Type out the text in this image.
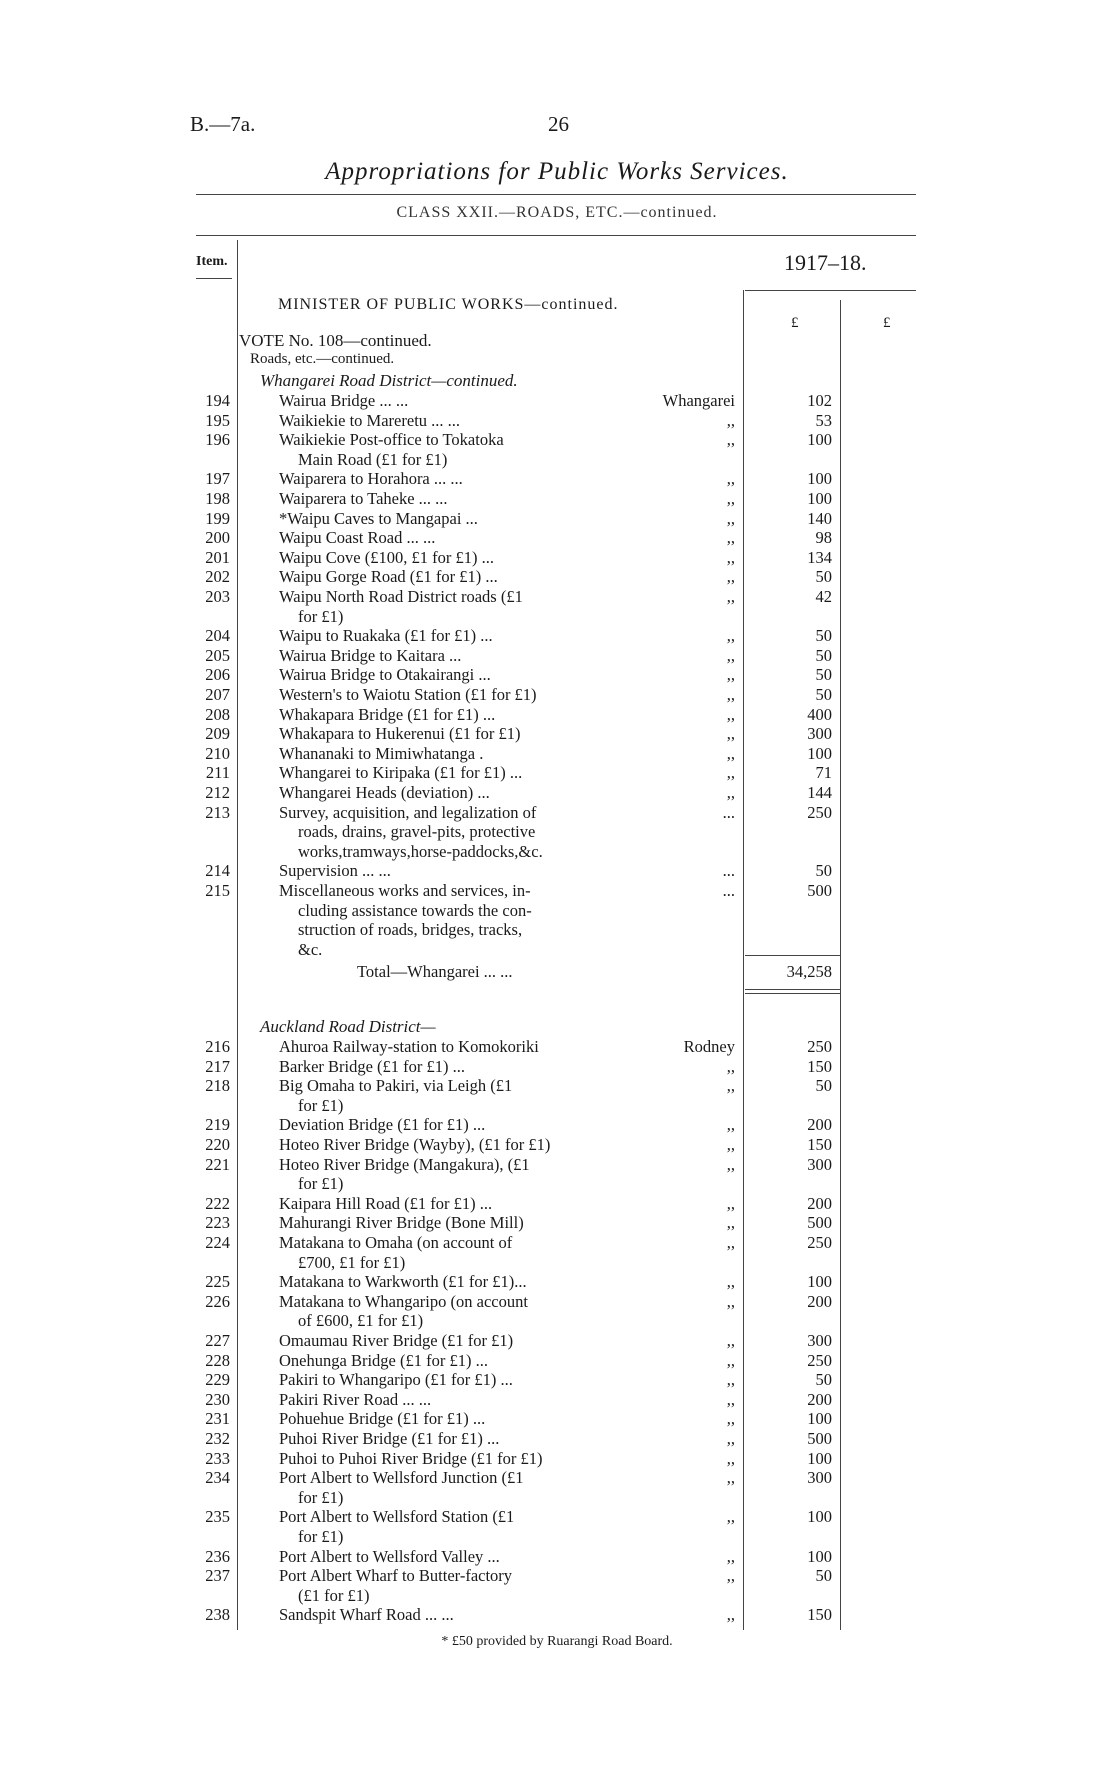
B.—7a.	26
Appropriations for Public Works Services.
CLASS XXII.—ROADS, ETC.—continued.
Item.	1917–18.
MINISTER OF PUBLIC WORKS—continued.
£	£
VOTE No. 108—continued.
Roads, etc.—continued.
Whangarei Road District—continued.
194	Wairua Bridge ... ...	Whangarei	102
195	Waikiekie to Mareretu ... ...	,,	53
196	Waikiekie Post-office to Tokatoka	,,	100
Main Road (£1 for £1)
197	Waiparera to Horahora ... ...	,,	100
198	Waiparera to Taheke ... ...	,,	100
199	*Waipu Caves to Mangapai ...	,,	140
200	Waipu Coast Road ... ...	,,	98
201	Waipu Cove (£100, £1 for £1) ...	,,	134
202	Waipu Gorge Road (£1 for £1) ...	,,	50
203	Waipu North Road District roads (£1	,,	42
for £1)
204	Waipu to Ruakaka (£1 for £1) ...	,,	50
205	Wairua Bridge to Kaitara ...	,,	50
206	Wairua Bridge to Otakairangi ...	,,	50
207	Western's to Waiotu Station (£1 for £1)	,,	50
208	Whakapara Bridge (£1 for £1) ...	,,	400
209	Whakapara to Hukerenui (£1 for £1)	,,	300
210	Whananaki to Mimiwhatanga .	,,	100
211	Whangarei to Kiripaka (£1 for £1) ...	,,	71
212	Whangarei Heads (deviation) ...	,,	144
213	Survey, acquisition, and legalization of	...	250
roads, drains, gravel-pits, protective
works,tramways,horse-paddocks,&c.
214	Supervision ... ...	...	50
215	Miscellaneous works and services, in-	...	500
cluding assistance towards the con-
struction of roads, bridges, tracks,
&c.
Total—Whangarei ... ...	34,258
Auckland Road District—
216	Ahuroa Railway-station to Komokoriki	Rodney	250
217	Barker Bridge (£1 for £1) ...	,,	150
218	Big Omaha to Pakiri, via Leigh (£1	,,	50
for £1)
219	Deviation Bridge (£1 for £1) ...	,,	200
220	Hoteo River Bridge (Wayby), (£1 for £1)	,,	150
221	Hoteo River Bridge (Mangakura), (£1	,,	300
for £1)
222	Kaipara Hill Road (£1 for £1) ...	,,	200
223	Mahurangi River Bridge (Bone Mill)	,,	500
224	Matakana to Omaha (on account of	,,	250
£700, £1 for £1)
225	Matakana to Warkworth (£1 for £1)...	,,	100
226	Matakana to Whangaripo (on account	,,	200
of £600, £1 for £1)
227	Omaumau River Bridge (£1 for £1)	,,	300
228	Onehunga Bridge (£1 for £1) ...	,,	250
229	Pakiri to Whangaripo (£1 for £1) ...	,,	50
230	Pakiri River Road ... ...	,,	200
231	Pohuehue Bridge (£1 for £1) ...	,,	100
232	Puhoi River Bridge (£1 for £1) ...	,,	500
233	Puhoi to Puhoi River Bridge (£1 for £1)	,,	100
234	Port Albert to Wellsford Junction (£1	,,	300
for £1)
235	Port Albert to Wellsford Station (£1	,,	100
for £1)
236	Port Albert to Wellsford Valley ...	,,	100
237	Port Albert Wharf to Butter-factory	,,	50
(£1 for £1)
238	Sandspit Wharf Road ... ...	,,	150
* £50 provided by Ruarangi Road Board.
